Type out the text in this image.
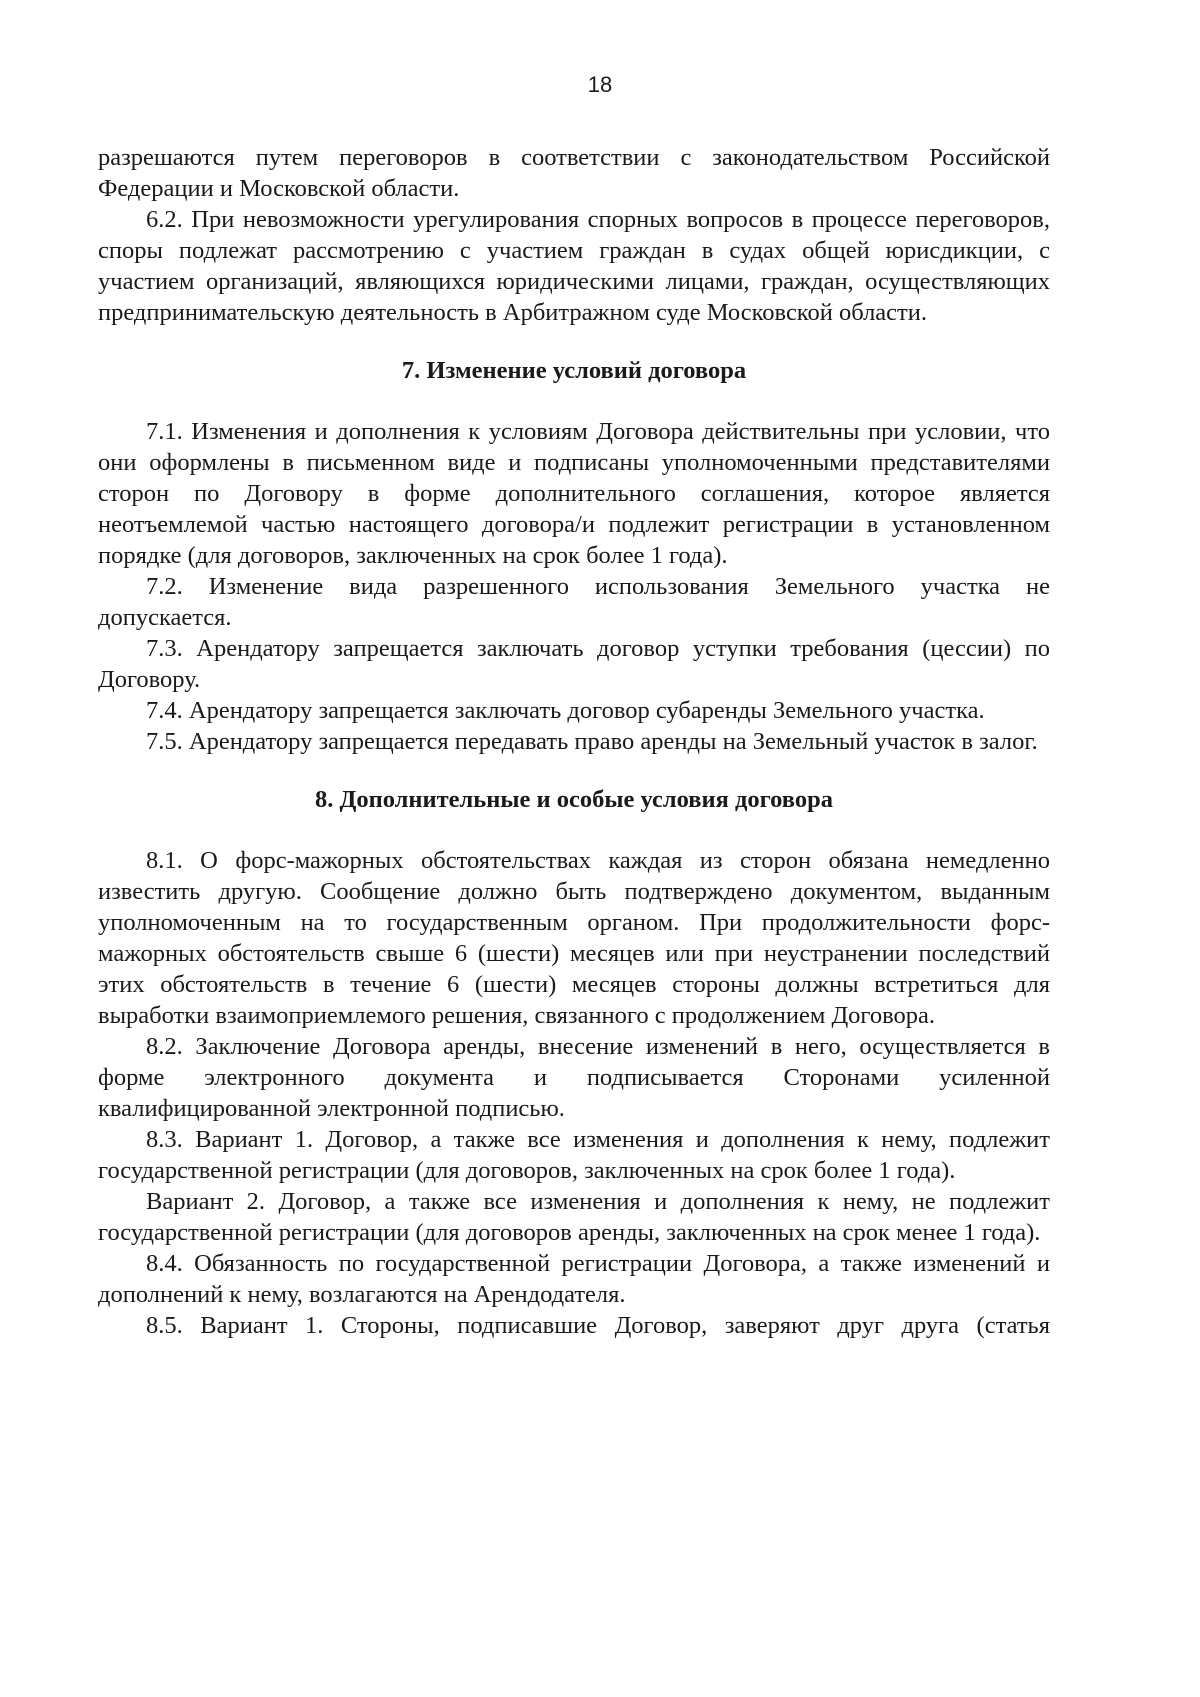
18

разрешаются путем переговоров в соответствии с законодательством Российской Федерации и Московской области.

6.2. При невозможности урегулирования спорных вопросов в процессе переговоров, споры подлежат рассмотрению с участием граждан в судах общей юрисдикции, с участием организаций, являющихся юридическими лицами, граждан, осуществляющих предпринимательскую деятельность в Арбитражном суде Московской области.

7. Изменение условий договора

7.1. Изменения и дополнения к условиям Договора действительны при условии, что они оформлены в письменном виде и подписаны уполномоченными представителями сторон по Договору в форме дополнительного соглашения, которое является неотъемлемой частью настоящего договора/и подлежит регистрации в установленном порядке (для договоров, заключенных на срок более 1 года).

7.2. Изменение вида разрешенного использования Земельного участка не допускается.

7.3. Арендатору запрещается заключать договор уступки требования (цессии) по Договору.

7.4. Арендатору запрещается заключать договор субаренды Земельного участка.

7.5. Арендатору запрещается передавать право аренды на Земельный участок в залог.

8. Дополнительные и особые условия договора

8.1. О форс-мажорных обстоятельствах каждая из сторон обязана немедленно известить другую. Сообщение должно быть подтверждено документом, выданным уполномоченным на то государственным органом. При продолжительности форс-мажорных обстоятельств свыше 6 (шести) месяцев или при неустранении последствий этих обстоятельств в течение 6 (шести) месяцев стороны должны встретиться для выработки взаимоприемлемого решения, связанного с продолжением Договора.

8.2. Заключение Договора аренды, внесение изменений в него, осуществляется в форме электронного документа и подписывается Сторонами усиленной квалифицированной электронной подписью.

8.3. Вариант 1. Договор, а также все изменения и дополнения к нему, подлежит государственной регистрации (для договоров, заключенных на срок более 1 года).

Вариант 2. Договор, а также все изменения и дополнения к нему, не подлежит государственной регистрации (для договоров аренды, заключенных на срок менее 1 года).

8.4. Обязанность по государственной регистрации Договора, а также изменений и дополнений к нему, возлагаются на Арендодателя.

8.5. Вариант 1. Стороны, подписавшие Договор, заверяют друг друга (статья
